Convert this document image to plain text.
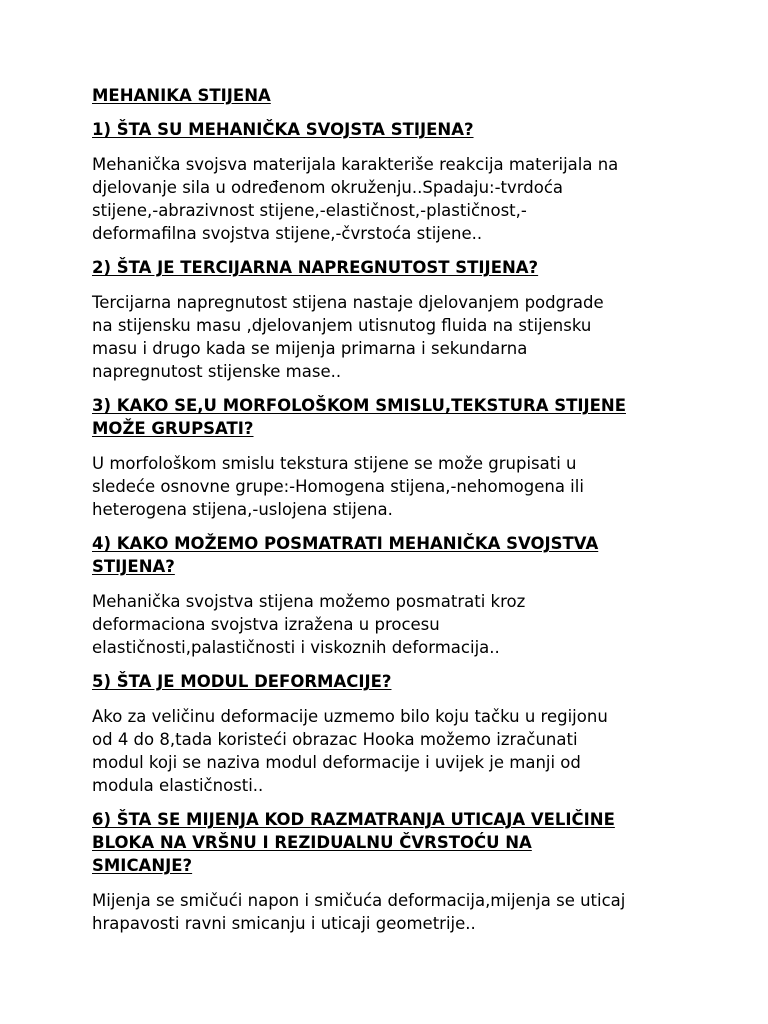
MEHANIKA STIJENA
1) ŠTA SU MEHANIČKA SVOJSTA STIJENA?
Mehanička svojsva materijala karakteriše reakcija materijala na
djelovanje sila u određenom okruženju..Spadaju:-tvrdoća
stijene,-abrazivnost stijene,-elastičnost,-plastičnost,-
deformafilna svojstva stijene,-čvrstoća stijene..
2) ŠTA JE TERCIJARNA NAPREGNUTOST STIJENA?
Tercijarna napregnutost stijena nastaje djelovanjem podgrade
na stijensku masu ,djelovanjem utisnutog fluida na stijensku
masu i drugo kada se mijenja primarna i sekundarna
napregnutost stijenske mase..
3) KAKO SE,U MORFOLOŠKOM SMISLU,TEKSTURA STIJENE
MOŽE GRUPSATI?
U morfološkom smislu tekstura stijene se može grupisati u
sledeće osnovne grupe:-Homogena stijena,-nehomogena ili
heterogena stijena,-uslojena stijena.
4) KAKO MOŽEMO POSMATRATI MEHANIČKA SVOJSTVA
STIJENA?
Mehanička svojstva stijena možemo posmatrati kroz
deformaciona svojstva izražena u procesu
elastičnosti,palastičnosti i viskoznih deformacija..
5) ŠTA JE MODUL DEFORMACIJE?
Ako za veličinu deformacije uzmemo bilo koju tačku u regijonu
od 4 do 8,tada koristeći obrazac Hooka možemo izračunati
modul koji se naziva modul deformacije i uvijek je manji od
modula elastičnosti..
6) ŠTA SE MIJENJA KOD RAZMATRANJA UTICAJA VELIČINE
BLOKA NA VRŠNU I REZIDUALNU ČVRSTOĆU NA
SMICANJE?
Mijenja se smičući napon i smičuća deformacija,mijenja se uticaj
hrapavosti ravni smicanju i uticaji geometrije..
